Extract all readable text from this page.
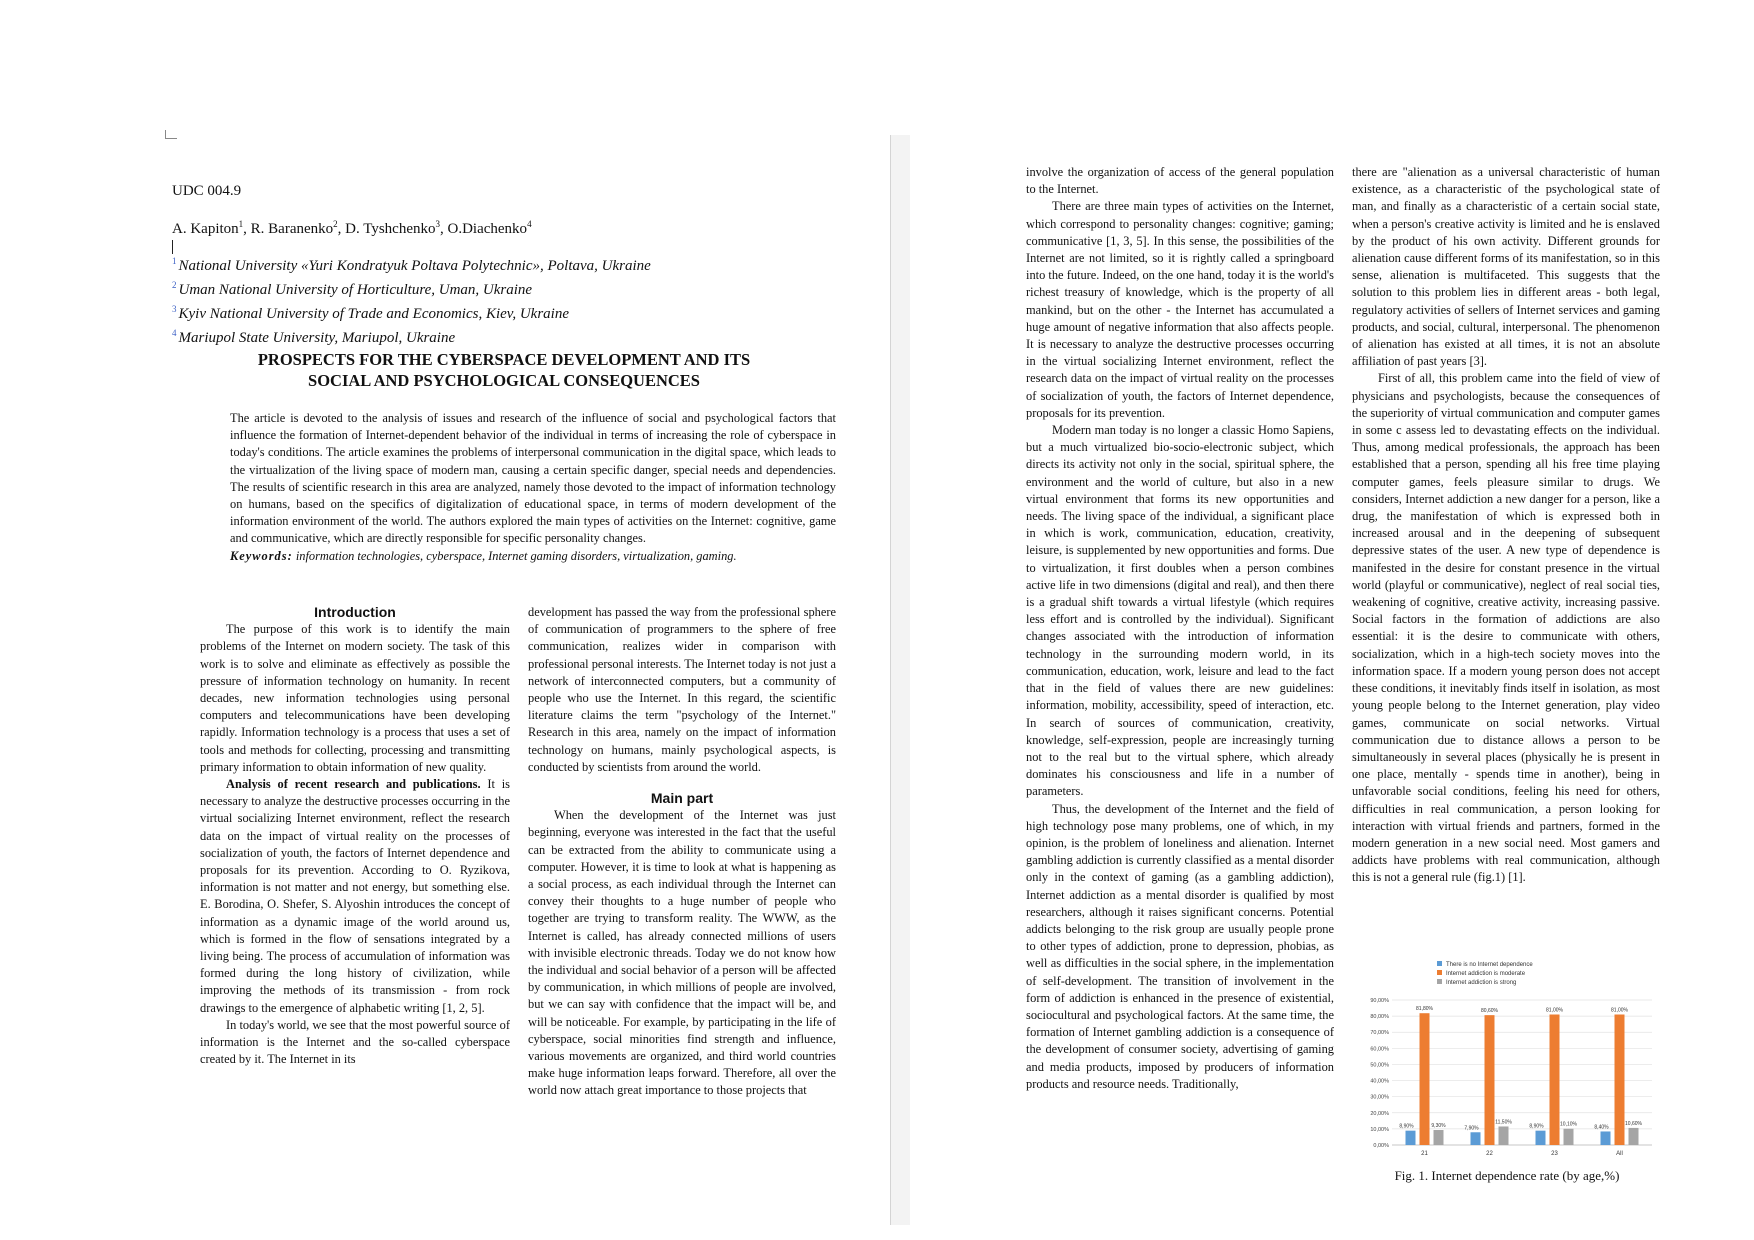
UDC 004.9
A. Kapiton$^1$, R. Baranenko$^2$, D. Tyshchenko$^3$, O.Diachenko$^4$
$^1$ National University «Yuri Kondratyuk Poltava Polytechnic», Poltava, Ukraine
$^2$ Uman National University of Horticulture, Uman, Ukraine
$^3$ Kyiv National University of Trade and Economics, Kiev, Ukraine
$^4$ Mariupol State University, Mariupol, Ukraine
PROSPECTS FOR THE CYBERSPACE DEVELOPMENT AND ITS
SOCIAL AND PSYCHOLOGICAL CONSEQUENCES

The article is devoted to the analysis of issues and research of the influence of social and psychological factors that influence the formation of Internet-dependent behavior of the individual in terms of increasing the role of cyberspace in today's conditions. The article examines the problems of interpersonal communication in the digital space, which leads to the virtualization of the living space of modern man, causing a certain specific danger, special needs and dependencies. The results of scientific research in this area are analyzed, namely those devoted to the impact of information technology on humans, based on the specifics of digitalization of educational space, in terms of modern development of the information environment of the world. The authors explored the main types of activities on the Internet: cognitive, game and communicative, which are directly responsible for specific personality changes.

Keywords: information technologies, cyberspace, Internet gaming disorders, virtualization, gaming.

Introduction

The purpose of this work is to identify the main problems of the Internet on modern society. The task of this work is to solve and eliminate as effectively as possible the pressure of information technology on humanity. In recent decades, new information technologies using personal computers and telecommunications have been developing rapidly. Information technology is a process that uses a set of tools and methods for collecting, processing and transmitting primary information to obtain information of new quality.

Analysis of recent research and publications. It is necessary to analyze the destructive processes occurring in the virtual socializing Internet environment, reflect the research data on the impact of virtual reality on the processes of socialization of youth, the factors of Internet dependence and proposals for its prevention. According to O. Ryzikova, information is not matter and not energy, but something else. E. Borodina, O. Shefer, S. Alyoshin introduces the concept of information as a dynamic image of the world around us, which is formed in the flow of sensations integrated by a living being. The process of accumulation of information was formed during the long history of civilization, while improving the methods of its transmission - from rock drawings to the emergence of alphabetic writing [1, 2, 5].

In today's world, we see that the most powerful source of information is the Internet and the so-called cyberspace created by it. The Internet in its

development has passed the way from the professional sphere of communication of programmers to the sphere of free communication, realizes wider in comparison with professional personal interests. The Internet today is not just a network of interconnected computers, but a community of people who use the Internet. In this regard, the scientific literature claims the term "psychology of the Internet." Research in this area, namely on the impact of information technology on humans, mainly psychological aspects, is conducted by scientists from around the world.

Main part

When the development of the Internet was just beginning, everyone was interested in the fact that the useful can be extracted from the ability to communicate using a computer. However, it is time to look at what is happening as a social process, as each individual through the Internet can convey their thoughts to a huge number of people who together are trying to transform reality. The WWW, as the Internet is called, has already connected millions of users with invisible electronic threads. Today we do not know how the individual and social behavior of a person will be affected by communication, in which millions of people are involved, but we can say with confidence that the impact will be, and will be noticeable. For example, by participating in the life of cyberspace, social minorities find strength and influence, various movements are organized, and third world countries make huge information leaps forward. Therefore, all over the world now attach great importance to those projects that

involve the organization of access of the general population to the Internet.

There are three main types of activities on the Internet, which correspond to personality changes: cognitive; gaming; communicative [1, 3, 5]. In this sense, the possibilities of the Internet are not limited, so it is rightly called a springboard into the future. Indeed, on the one hand, today it is the world's richest treasury of knowledge, which is the property of all mankind, but on the other - the Internet has accumulated a huge amount of negative information that also affects people. It is necessary to analyze the destructive processes occurring in the virtual socializing Internet environment, reflect the research data on the impact of virtual reality on the processes of socialization of youth, the factors of Internet dependence, proposals for its prevention.

Modern man today is no longer a classic Homo Sapiens, but a much virtualized bio-socio-electronic subject, which directs its activity not only in the social, spiritual sphere, the environment and the world of culture, but also in a new virtual environment that forms its new opportunities and needs. The living space of the individual, a significant place in which is work, communication, education, creativity, leisure, is supplemented by new opportunities and forms. Due to virtualization, it first doubles when a person combines active life in two dimensions (digital and real), and then there is a gradual shift towards a virtual lifestyle (which requires less effort and is controlled by the individual). Significant changes associated with the introduction of information technology in the surrounding modern world, in its communication, education, work, leisure and lead to the fact that in the field of values there are new guidelines: information, mobility, accessibility, speed of interaction, etc. In search of sources of communication, creativity, knowledge, self-expression, people are increasingly turning not to the real but to the virtual sphere, which already dominates his consciousness and life in a number of parameters.

Thus, the development of the Internet and the field of high technology pose many problems, one of which, in my opinion, is the problem of loneliness and alienation. Internet gambling addiction is currently classified as a mental disorder only in the context of gaming (as a gambling addiction), Internet addiction as a mental disorder is qualified by most researchers, although it raises significant concerns. Potential addicts belonging to the risk group are usually people prone to other types of addiction, prone to depression, phobias, as well as difficulties in the social sphere, in the implementation of self-development. The transition of involvement in the form of addiction is enhanced in the presence of existential, sociocultural and psychological factors. At the same time, the formation of Internet gambling addiction is a consequence of the development of consumer society, advertising of gaming and media products, imposed by producers of information products and resource needs. Traditionally,

there are "alienation as a universal characteristic of human existence, as a characteristic of the psychological state of man, and finally as a characteristic of a certain social state, when a person's creative activity is limited and he is enslaved by the product of his own activity. Different grounds for alienation cause different forms of its manifestation, so in this sense, alienation is multifaceted. This suggests that the solution to this problem lies in different areas - both legal, regulatory activities of sellers of Internet services and gaming products, and social, cultural, interpersonal. The phenomenon of alienation has existed at all times, it is not an absolute affiliation of past years [3].

First of all, this problem came into the field of view of physicians and psychologists, because the consequences of the superiority of virtual communication and computer games in some c assess led to devastating effects on the individual. Thus, among medical professionals, the approach has been established that a person, spending all his free time playing computer games, feels pleasure similar to drugs. We considers, Internet addiction a new danger for a person, like a drug, the manifestation of which is expressed both in increased arousal and in the deepening of subsequent depressive states of the user. A new type of dependence is manifested in the desire for constant presence in the virtual world (playful or communicative), neglect of real social ties, weakening of cognitive, creative activity, increasing passive. Social factors in the formation of addictions are also essential: it is the desire to communicate with others, socialization, which in a high-tech society moves into the information space. If a modern young person does not accept these conditions, it inevitably finds itself in isolation, as most young people belong to the Internet generation, play video games, communicate on social networks. Virtual communication due to distance allows a person to be simultaneously in several places (physically he is present in one place, mentally - spends time in another), being in unfavorable social conditions, feeling his need for others, difficulties in real communication, a person looking for interaction with virtual friends and partners, formed in the modern generation in a new social need. Most gamers and addicts have problems with real communication, although this is not a general rule (fig.1) [1].

There is no Internet dependence
Internet addiction is moderate
Internet addiction is strong
0,00%
10,00%
20,00%
30,00%
40,00%
50,00%
60,00%
70,00%
80,00%
90,00%
8,90%
81,80%
9,30%
21
7,90%
80,60%
11,50%
22
8,90%
81,00%
10,10%
23
8,40%
81,00%
10,60%
All
Fig. 1. Internet dependence rate (by age,%)
